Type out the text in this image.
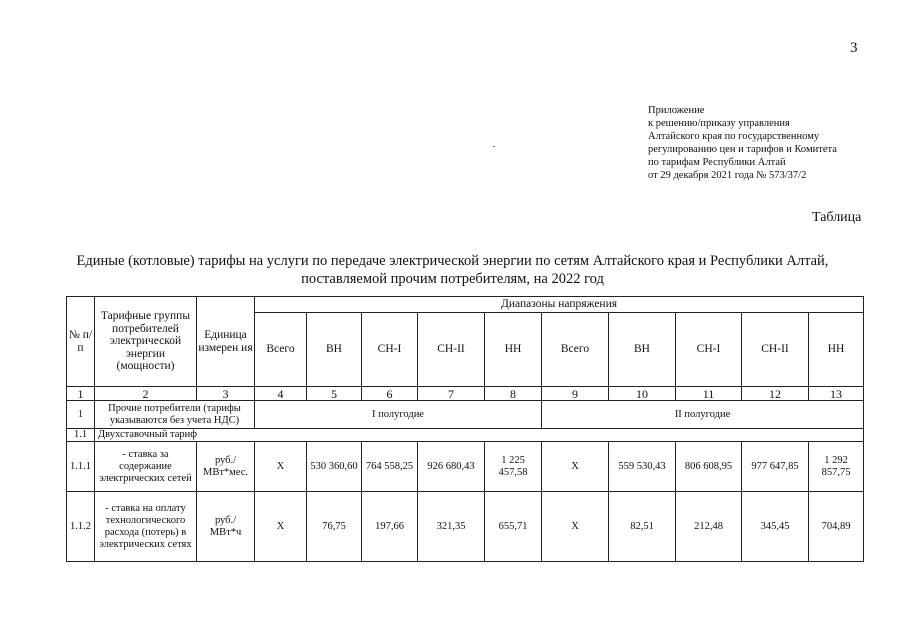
3
Приложение
к решению/приказу управления
Алтайского края по государственному
регулированию цен и тарифов и Комитета
по тарифам Республики Алтай
от 29 декабря 2021 года № 573/37/2
Таблица
Единые (котловые) тарифы на услуги по передаче электрической энергии по сетям Алтайского края и Республики Алтай,
поставляемой прочим потребителям, на 2022 год
№ п/п	Тарифные группы потребителей электрической энергии (мощности)	Единица измерен ия	Диапазоны напряжения									
			Всего	ВН	СН-I	СН-II	НН	Всего	ВН	СН-I	СН-II	НН
1	2	3	4	5	6	7	8	9	10	11	12	13
1	Прочие потребители (тарифы указываются без учета НДС)		I полугодие					II полугодие				
1.1	Двухставочный тариф											
1.1.1	- ставка за содержание электрических сетей	руб./ МВт*мес.	Х	530 360,60	764 558,25	926 680,43	1 225 457,58	Х	559 530,43	806 608,95	977 647,85	1 292 857,75
1.1.2	- ставка на оплату технологического расхода (потерь) в электрических сетях	руб./ МВт*ч	Х	76,75	197,66	321,35	655,71	Х	82,51	212,48	345,45	704,89
